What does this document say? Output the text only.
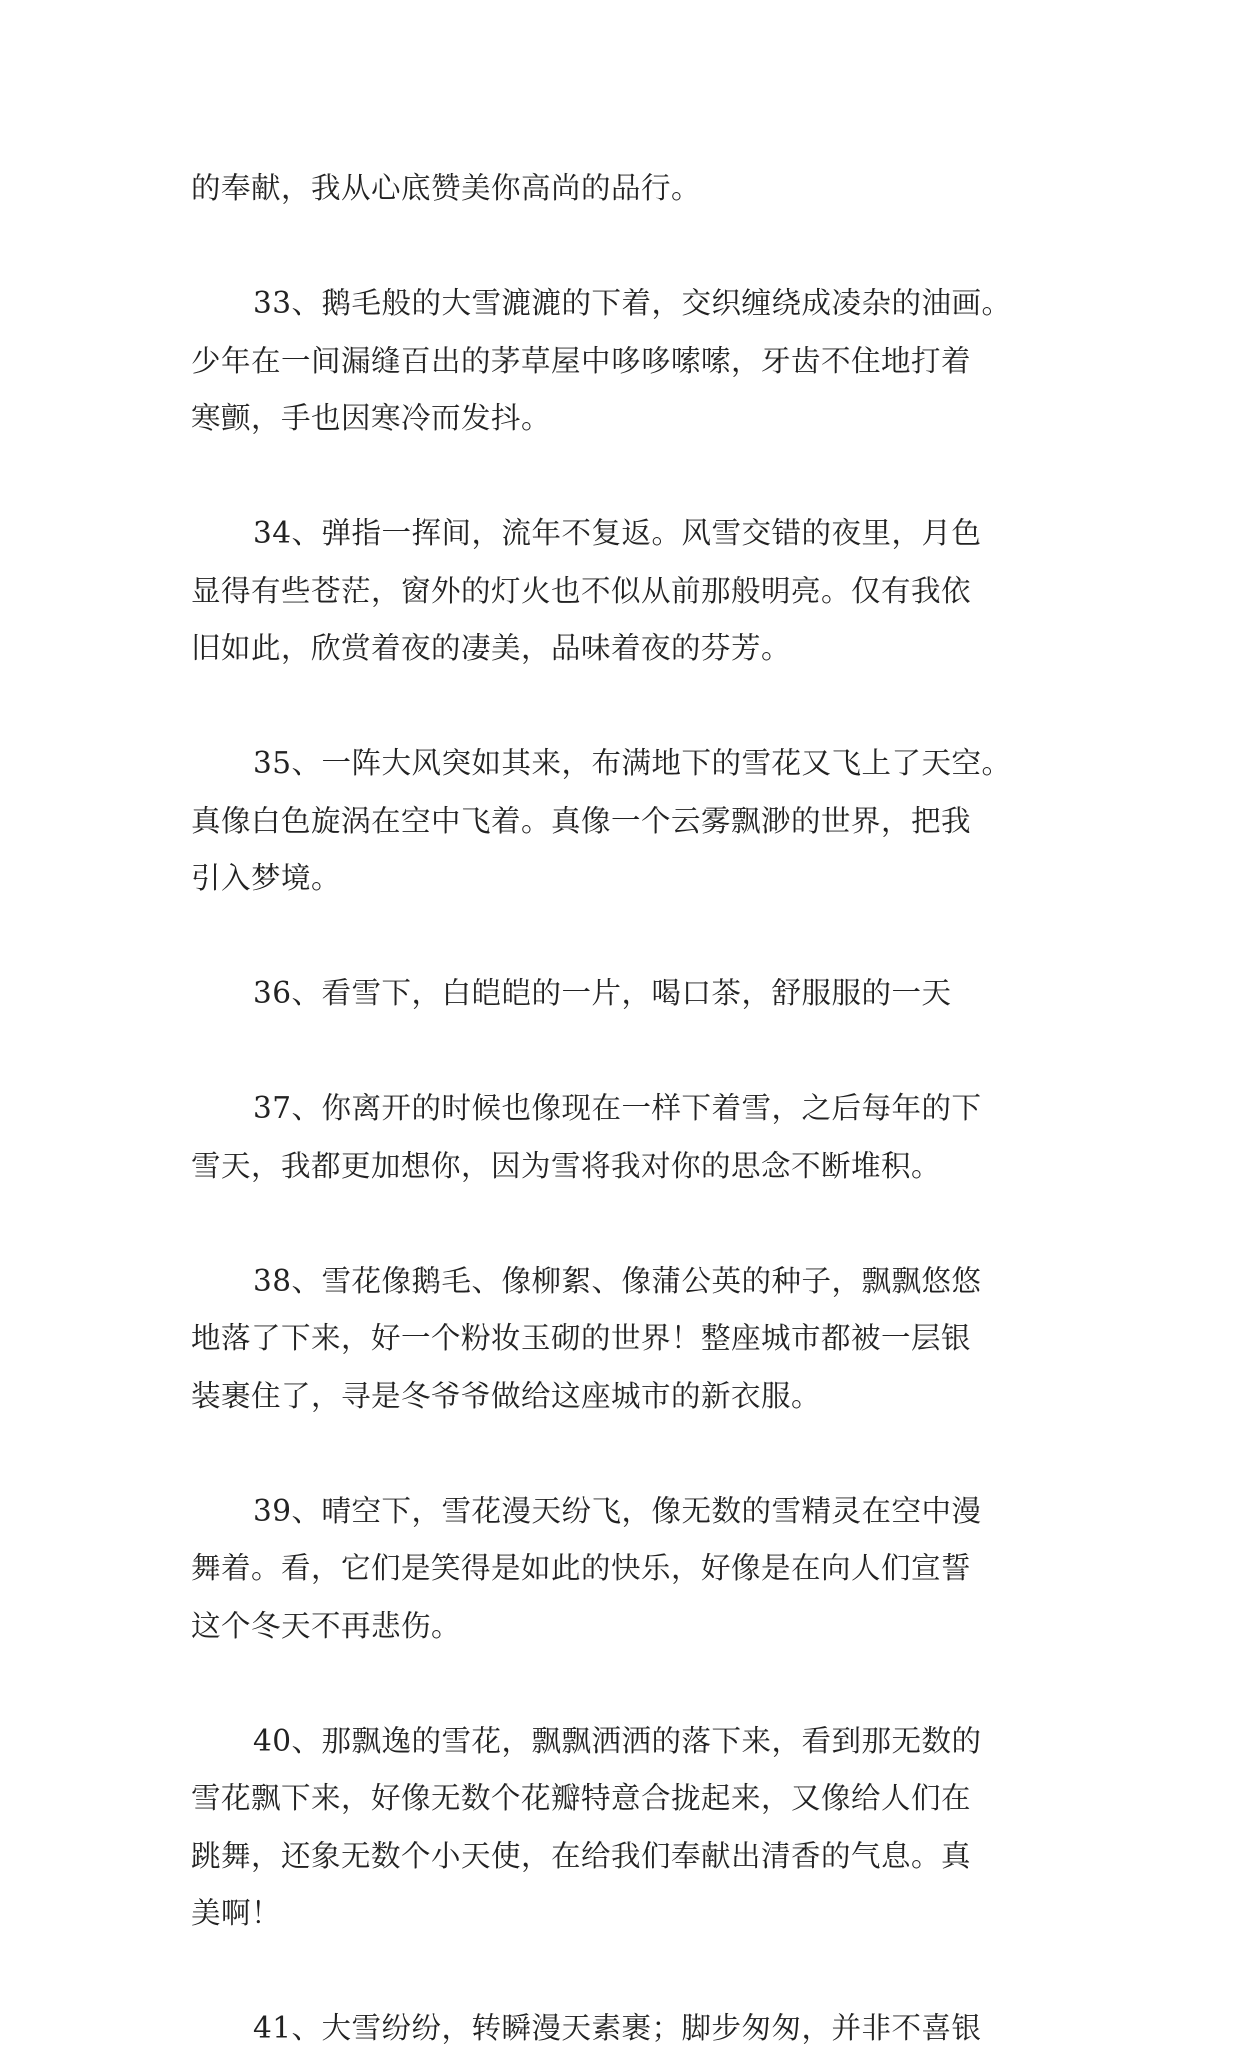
的奉献，我从心底赞美你高尚的品行。
33、鹅毛般的大雪漉漉的下着，交织缠绕成凌杂的油画。
少年在一间漏缝百出的茅草屋中哆哆嗦嗦，牙齿不住地打着
寒颤，手也因寒冷而发抖。
34、弹指一挥间，流年不复返。风雪交错的夜里，月色
显得有些苍茫，窗外的灯火也不似从前那般明亮。仅有我依
旧如此，欣赏着夜的凄美，品味着夜的芬芳。
35、一阵大风突如其来，布满地下的雪花又飞上了天空。
真像白色旋涡在空中飞着。真像一个云雾飘渺的世界，把我
引入梦境。
36、看雪下，白皑皑的一片，喝口茶，舒服服的一天
37、你离开的时候也像现在一样下着雪，之后每年的下
雪天，我都更加想你，因为雪将我对你的思念不断堆积。
38、雪花像鹅毛、像柳絮、像蒲公英的种子，飘飘悠悠
地落了下来，好一个粉妆玉砌的世界！整座城市都被一层银
装裹住了，寻是冬爷爷做给这座城市的新衣服。
39、晴空下，雪花漫天纷飞，像无数的雪精灵在空中漫
舞着。看，它们是笑得是如此的快乐，好像是在向人们宣誓
这个冬天不再悲伤。
40、那飘逸的雪花，飘飘洒洒的落下来，看到那无数的
雪花飘下来，好像无数个花瓣特意合拢起来，又像给人们在
跳舞，还象无数个小天使，在给我们奉献出清香的气息。真
美啊！
41、大雪纷纷，转瞬漫天素裹；脚步匆匆，并非不喜银
